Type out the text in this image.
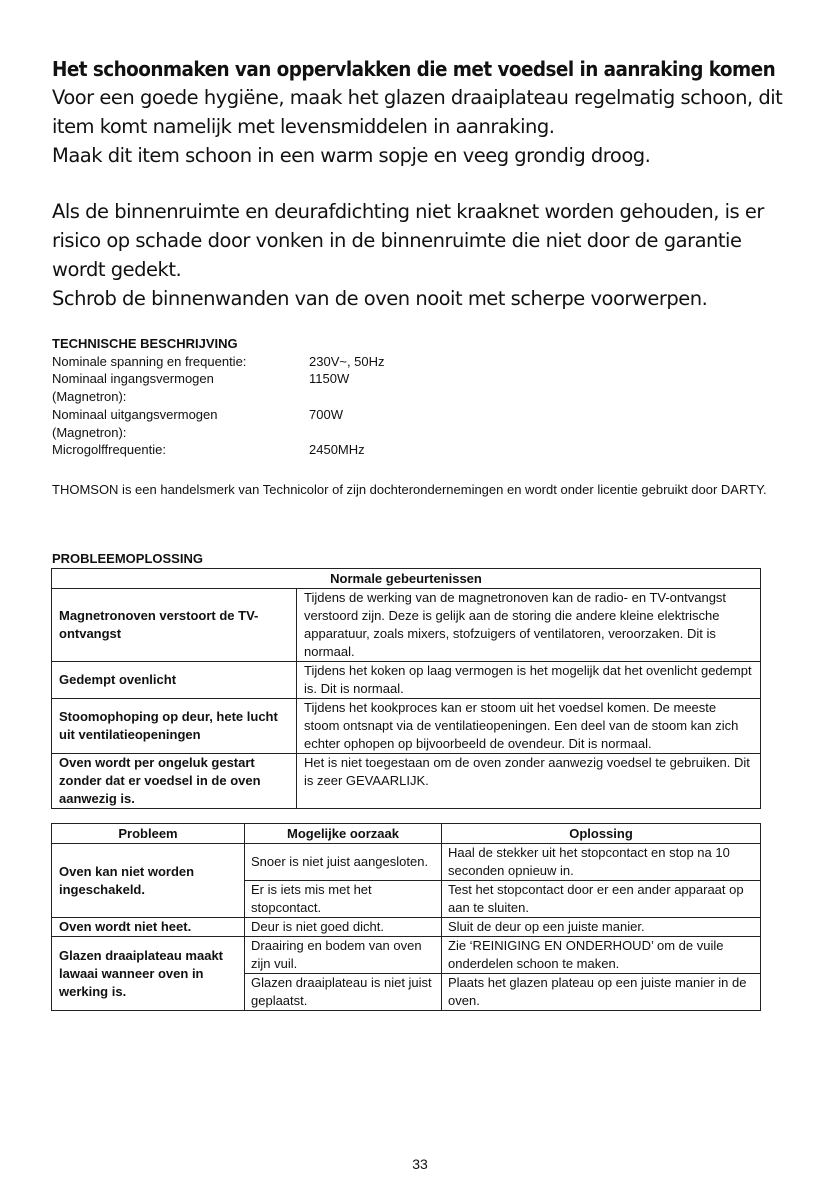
Het schoonmaken van oppervlakken die met voedsel in aanraking komen

Voor een goede hygiëne, maak het glazen draaiplateau regelmatig schoon, dit item komt namelijk met levensmiddelen in aanraking.

Maak dit item schoon in een warm sopje en veeg grondig droog.

Als de binnenruimte en deurafdichting niet kraaknet worden gehouden, is er risico op schade door vonken in de binnenruimte die niet door de garantie wordt gedekt.

Schrob de binnenwanden van de oven nooit met scherpe voorwerpen.

TECHNISCHE BESCHRIJVING
Nominale spanning en frequentie:	230V~, 50Hz
Nominaal ingangsvermogen	1150W
(Magnetron):
Nominaal uitgangsvermogen	700W
(Magnetron):
Microgolffrequentie:	2450MHz
THOMSON is een handelsmerk van Technicolor of zijn dochterondernemingen en wordt onder licentie gebruikt door DARTY.
PROBLEEMOPLOSSING
Normale gebeurtenissen	
Magnetronoven verstoort de TV-ontvangst	Tijdens de werking van de magnetronoven kan de radio- en TV-ontvangst verstoord zijn. Deze is gelijk aan de storing die andere kleine elektrische apparatuur, zoals mixers, stofzuigers of ventilatoren, veroorzaken. Dit is normaal.
Gedempt ovenlicht	Tijdens het koken op laag vermogen is het mogelijk dat het ovenlicht gedempt is. Dit is normaal.
Stoomophoping op deur, hete lucht uit ventilatieopeningen	Tijdens het kookproces kan er stoom uit het voedsel komen. De meeste stoom ontsnapt via de ventilatieopeningen. Een deel van de stoom kan zich echter ophopen op bijvoorbeeld de ovendeur. Dit is normaal.
Oven wordt per ongeluk gestart zonder dat er voedsel in de oven aanwezig is.	Het is niet toegestaan om de oven zonder aanwezig voedsel te gebruiken. Dit is zeer GEVAARLIJK.
Probleem	Mogelijke oorzaak	Oplossing
Oven kan niet worden ingeschakeld.	Snoer is niet juist aangesloten.	Haal de stekker uit het stopcontact en stop na 10 seconden opnieuw in.
	Er is iets mis met het stopcontact.	Test het stopcontact door er een ander apparaat op aan te sluiten.
Oven wordt niet heet.	Deur is niet goed dicht.	Sluit de deur op een juiste manier.
Glazen draaiplateau maakt lawaai wanneer oven in werking is.	Draairing en bodem van oven zijn vuil.	Zie ‘REINIGING EN ONDERHOUD’ om de vuile onderdelen schoon te maken.
	Glazen draaiplateau is niet juist geplaatst.	Plaats het glazen plateau op een juiste manier in de oven.
33
